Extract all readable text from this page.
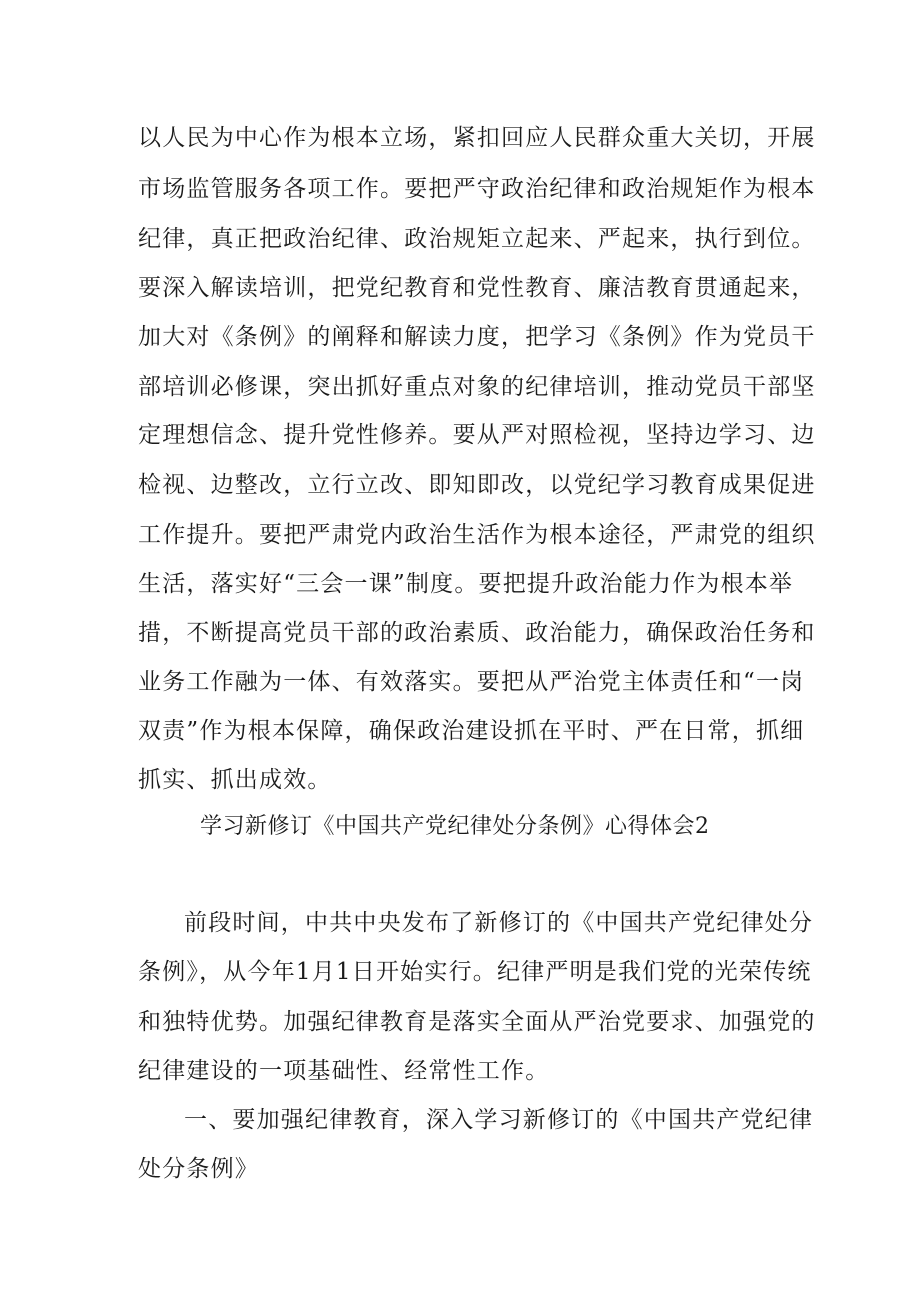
以人民为中心作为根本立场，紧扣回应人民群众重大关切，开展
市场监管服务各项工作。要把严守政治纪律和政治规矩作为根本
纪律，真正把政治纪律、政治规矩立起来、严起来，执行到位。
要深入解读培训，把党纪教育和党性教育、廉洁教育贯通起来，
加大对《条例》的阐释和解读力度，把学习《条例》作为党员干
部培训必修课，突出抓好重点对象的纪律培训，推动党员干部坚
定理想信念、提升党性修养。要从严对照检视，坚持边学习、边
检视、边整改，立行立改、即知即改，以党纪学习教育成果促进
工作提升。要把严肃党内政治生活作为根本途径，严肃党的组织
生活，落实好“三会一课”制度。要把提升政治能力作为根本举
措，不断提高党员干部的政治素质、政治能力，确保政治任务和
业务工作融为一体、有效落实。要把从严治党主体责任和“一岗
双责”作为根本保障，确保政治建设抓在平时、严在日常，抓细
抓实、抓出成效。
学习新修订《中国共产党纪律处分条例》心得体会2
前段时间，中共中央发布了新修订的《中国共产党纪律处分
条例》，从今年1月1日开始实行。纪律严明是我们党的光荣传统
和独特优势。加强纪律教育是落实全面从严治党要求、加强党的
纪律建设的一项基础性、经常性工作。
一、要加强纪律教育，深入学习新修订的《中国共产党纪律
处分条例》
